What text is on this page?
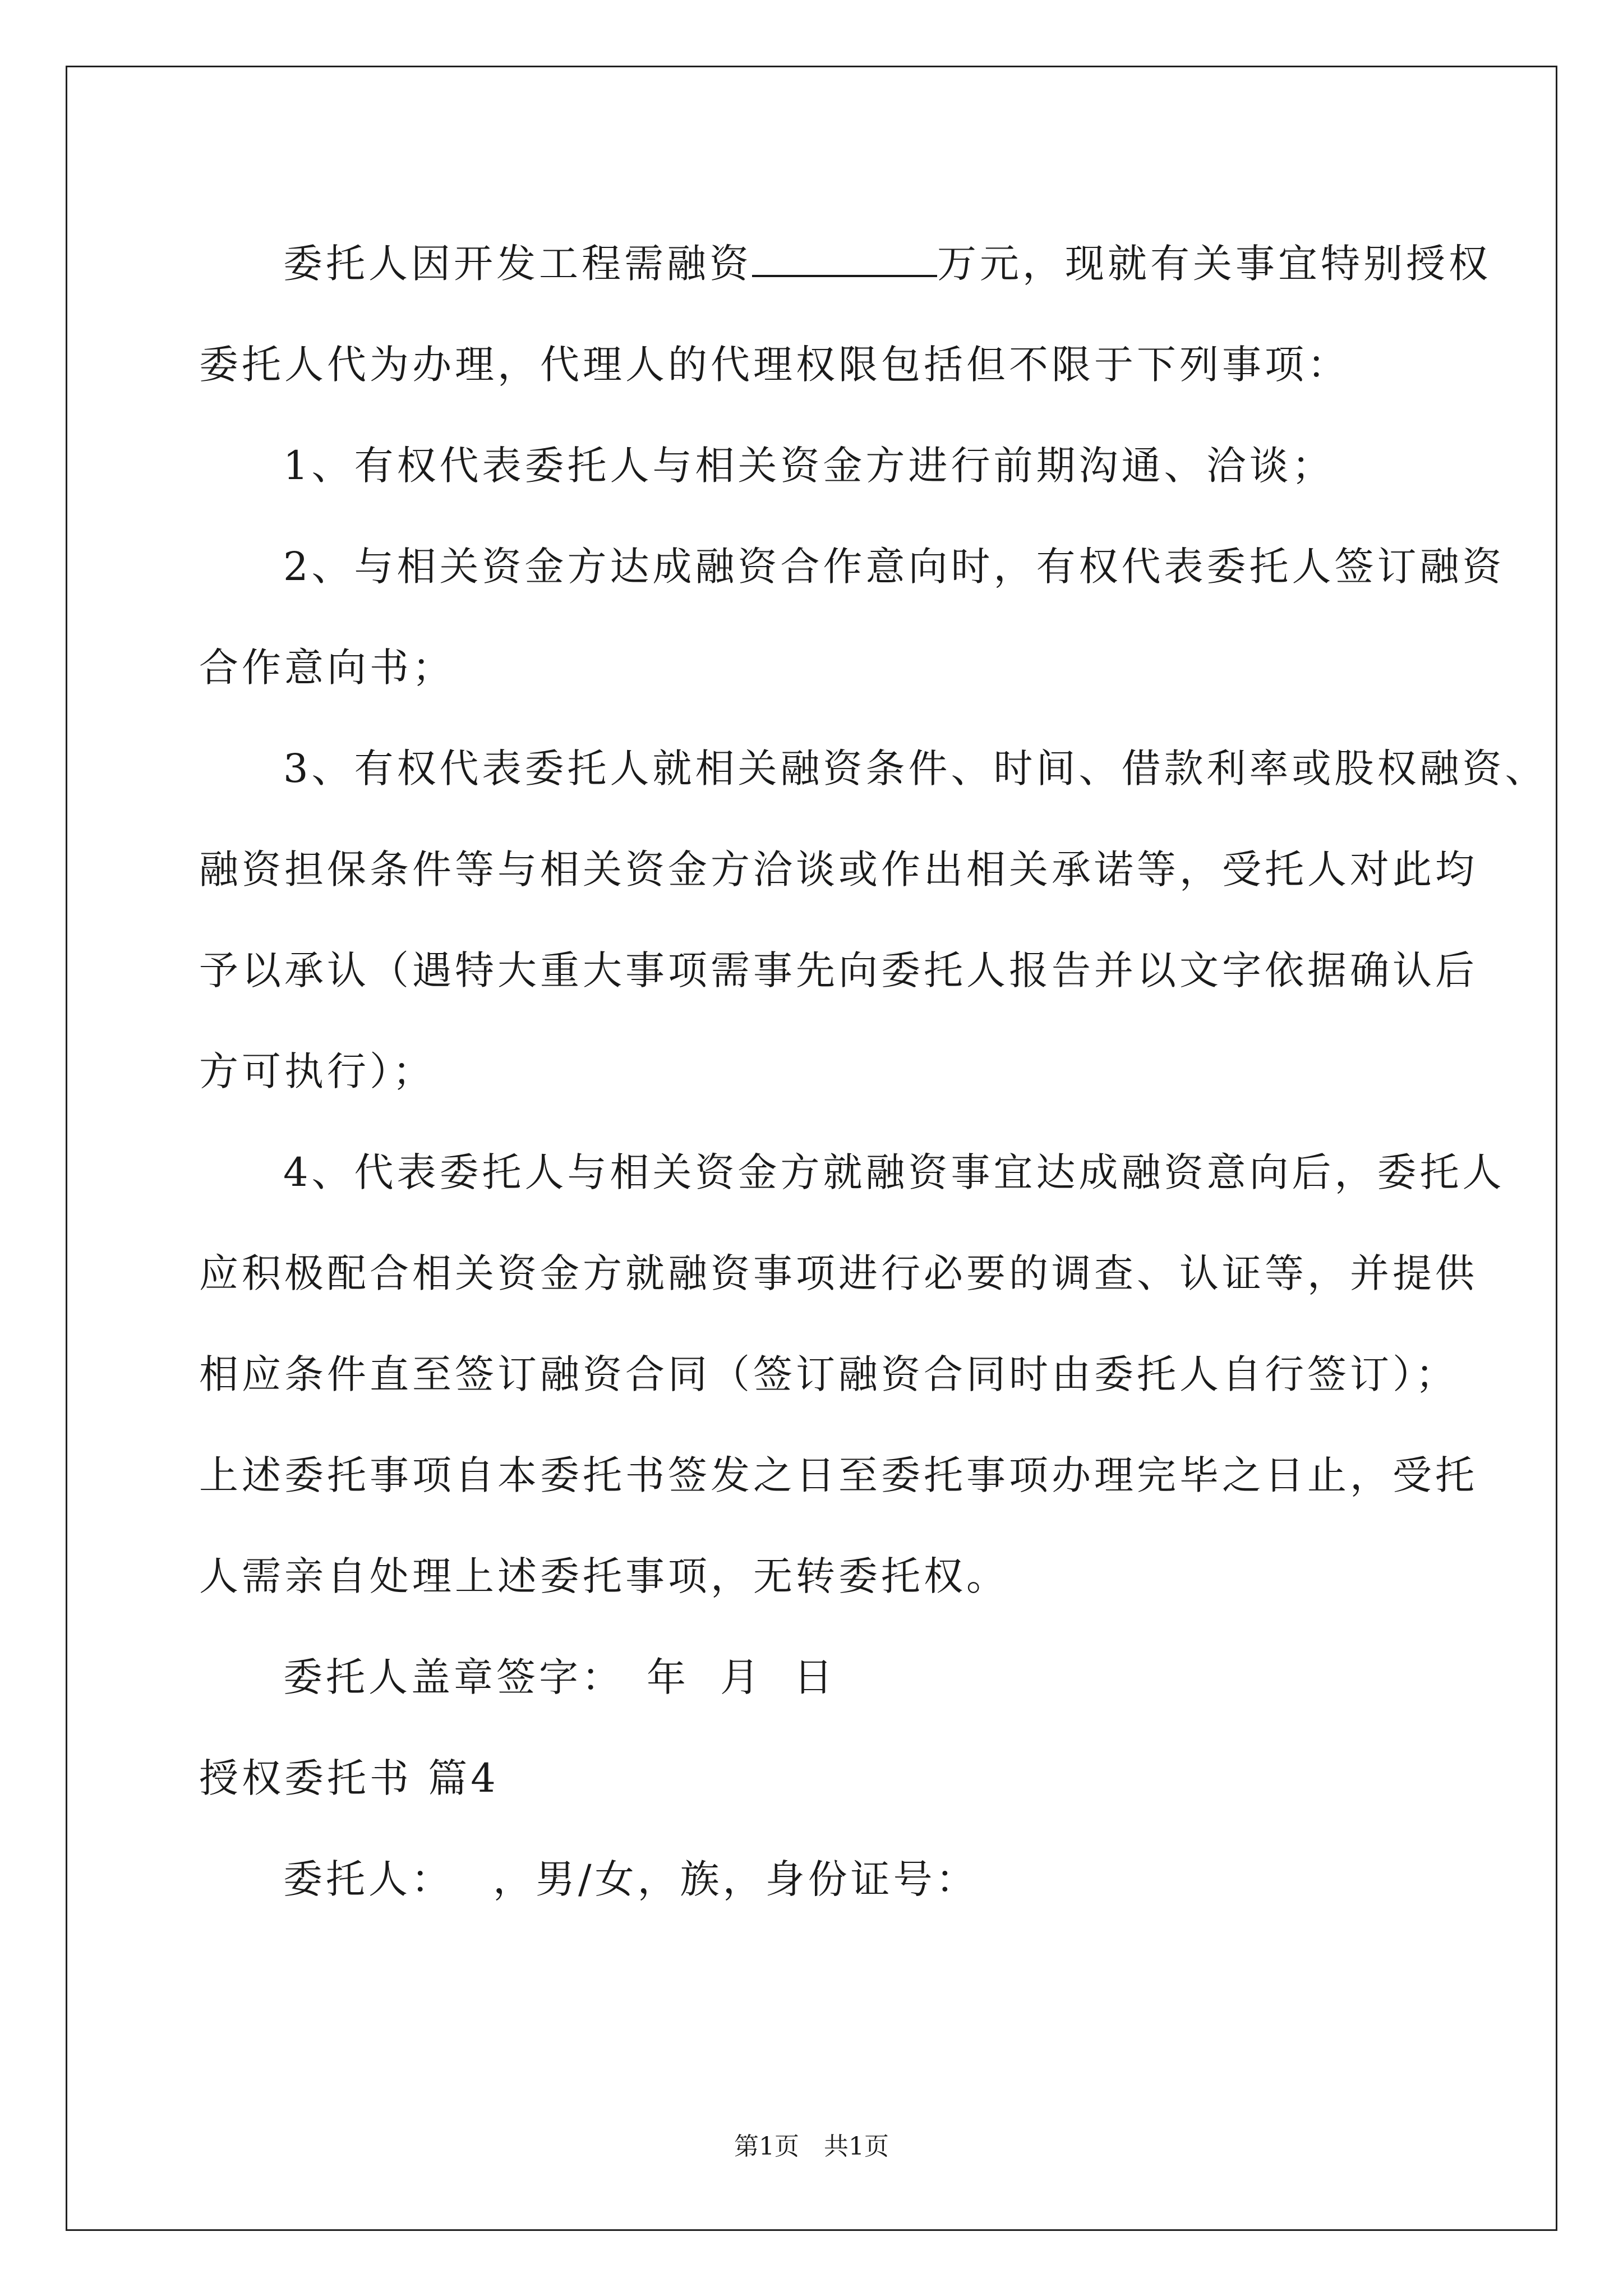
委托人因开发工程需融资	万元，现就有关事宜特别授权
委托人代为办理，代理人的代理权限包括但不限于下列事项：
1、有权代表委托人与相关资金方进行前期沟通、洽谈；
2、与相关资金方达成融资合作意向时，有权代表委托人签订融资
合作意向书；
3、有权代表委托人就相关融资条件、时间、借款利率或股权融资、
融资担保条件等与相关资金方洽谈或作出相关承诺等，受托人对此均
予以承认（遇特大重大事项需事先向委托人报告并以文字依据确认后
方可执行）；
4、代表委托人与相关资金方就融资事宜达成融资意向后，委托人
应积极配合相关资金方就融资事项进行必要的调查、认证等，并提供
相应条件直至签订融资合同（签订融资合同时由委托人自行签订）；
上述委托事项自本委托书签发之日至委托事项办理完毕之日止，受托
人需亲自处理上述委托事项，无转委托权。
委托人盖章签字： 年 月 日
授权委托书 篇4
委托人： ，男/女，族，身份证号：
第1页　共1页
